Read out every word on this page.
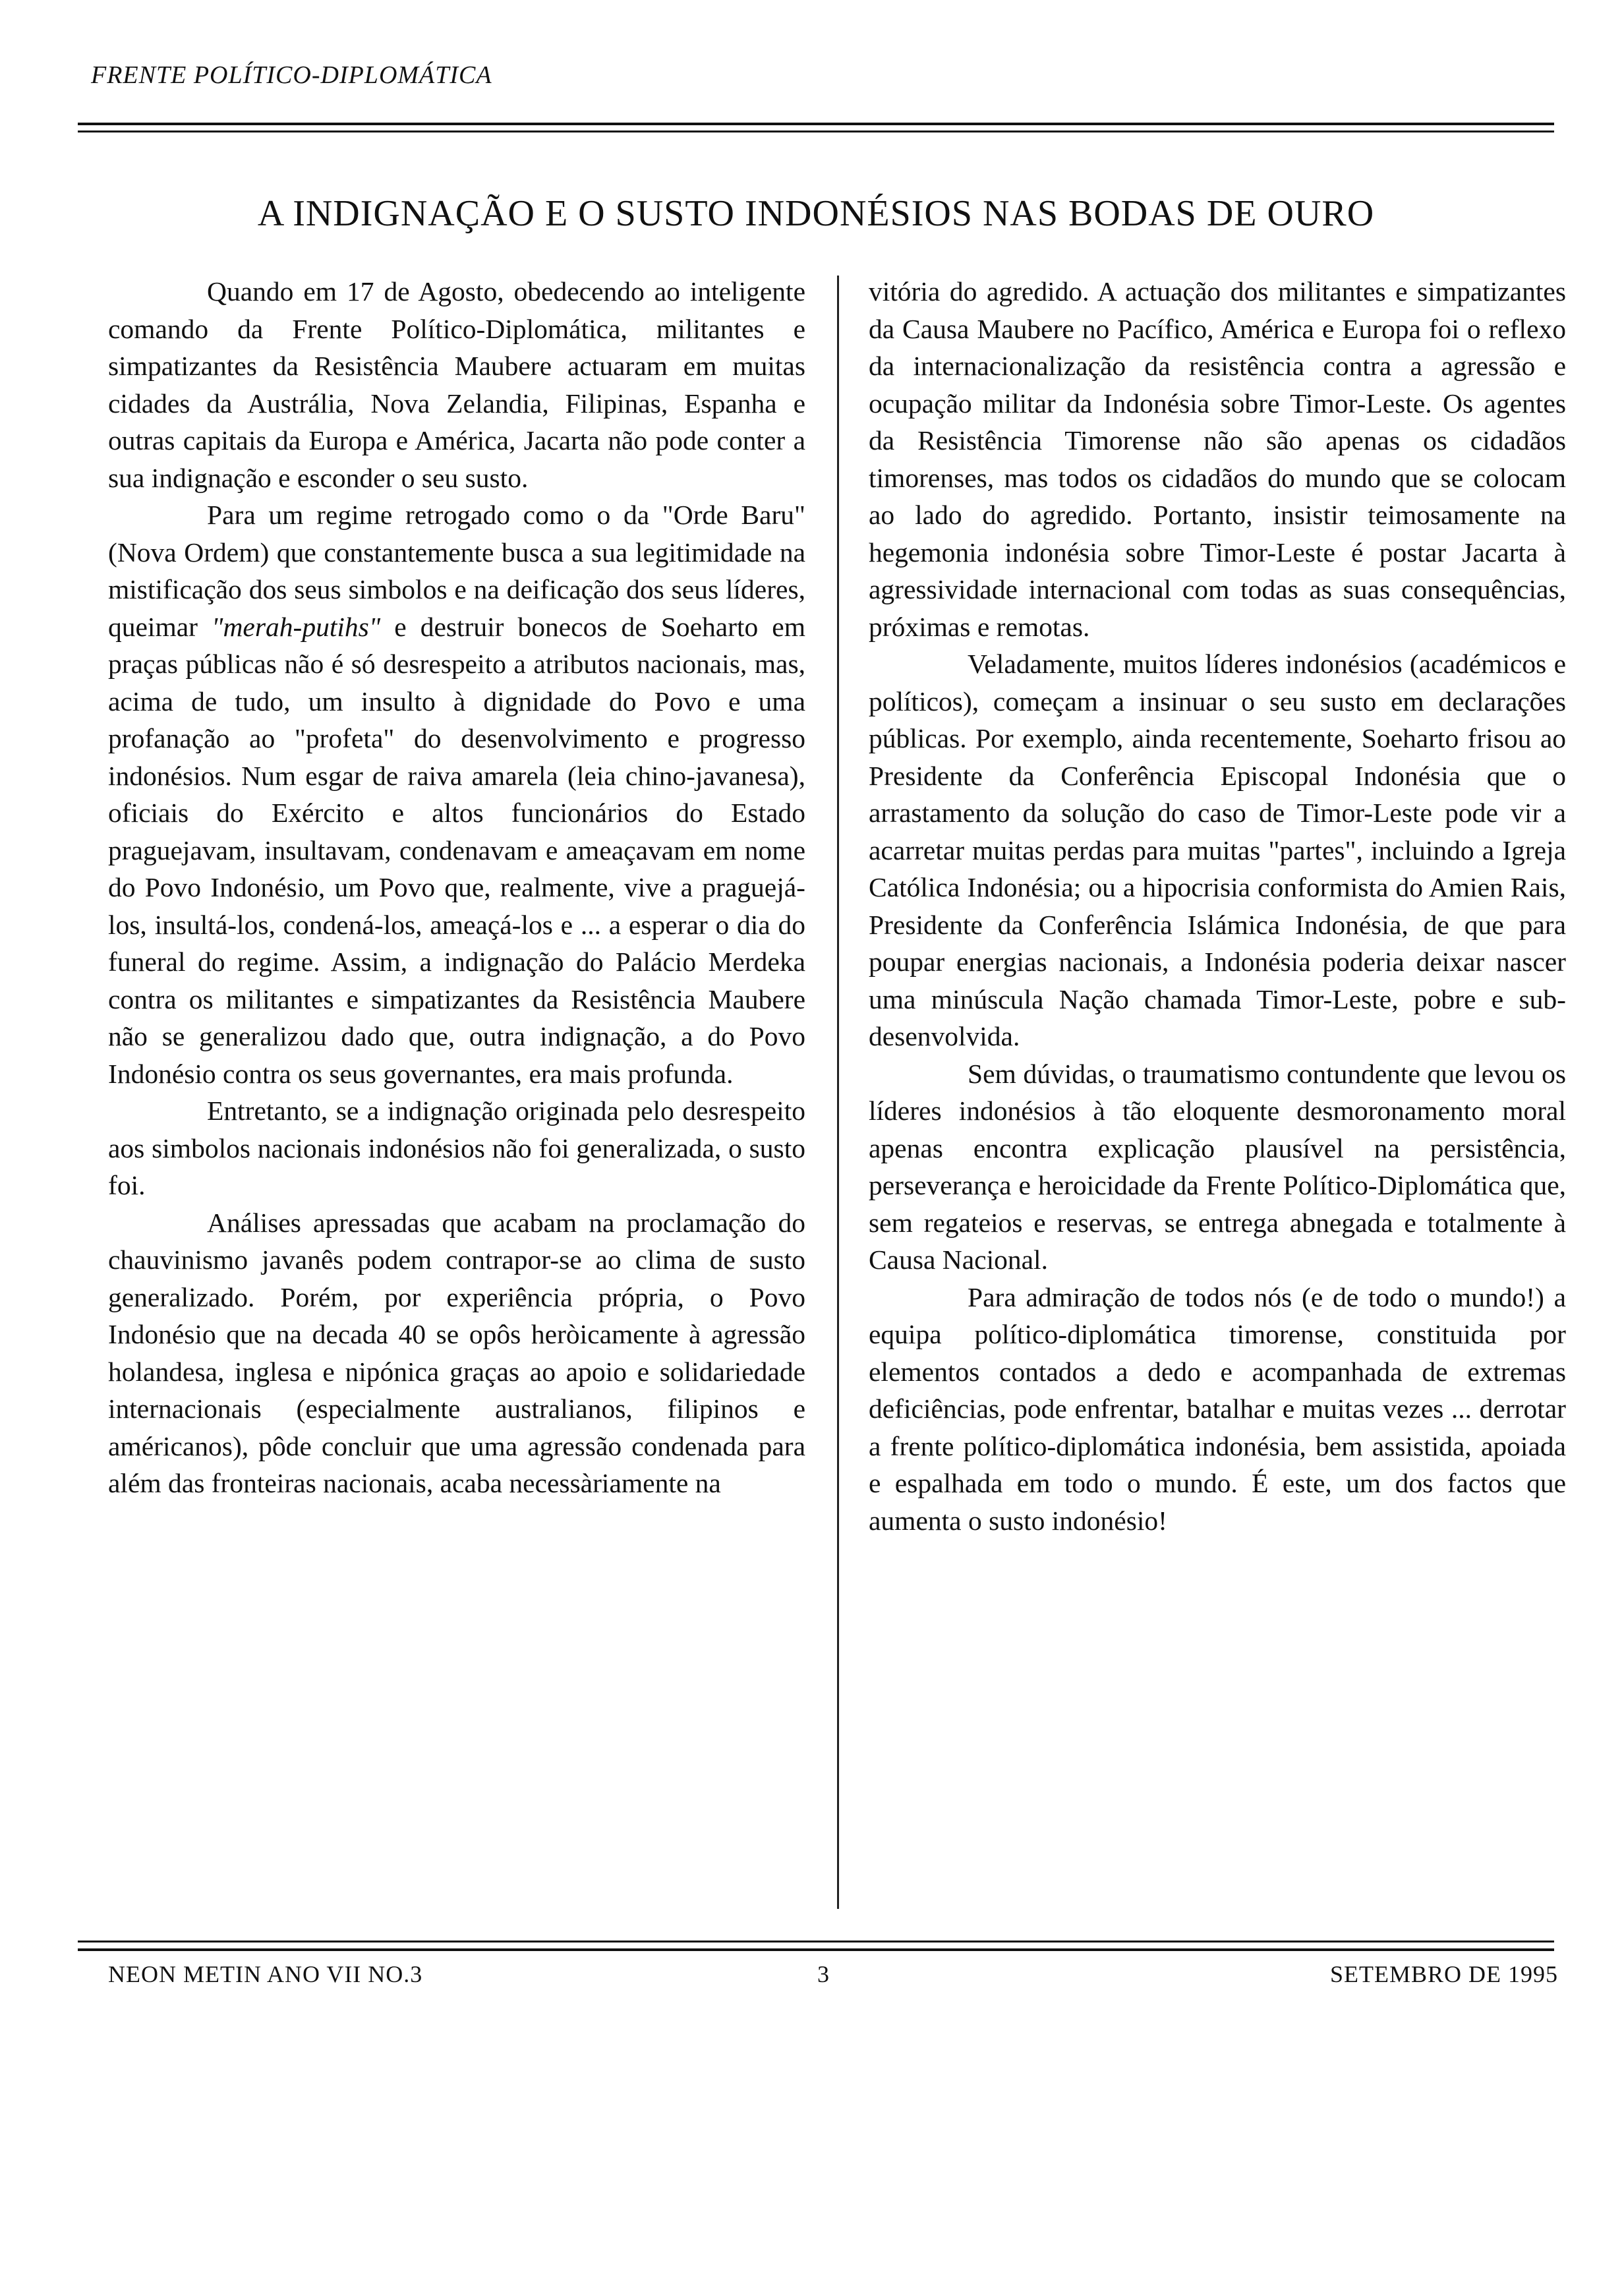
FRENTE POLÍTICO-DIPLOMÁTICA
A INDIGNAÇÃO E O SUSTO INDONÉSIOS NAS BODAS DE OURO

Quando em 17 de Agosto, obedecendo ao inteligente comando da Frente Político-Diplomática, militantes e simpatizantes da Resistência Maubere actuaram em muitas cidades da Austrália, Nova Zelandia, Filipinas, Espanha e outras capitais da Europa e América, Jacarta não pode conter a sua indignação e esconder o seu susto.

Para um regime retrogado como o da "Orde Baru" (Nova Ordem) que constantemente busca a sua legitimidade na mistificação dos seus simbolos e na deificação dos seus líderes, queimar "merah-putihs" e destruir bonecos de Soeharto em praças públicas não é só desrespeito a atributos nacionais, mas, acima de tudo, um insulto à dignidade do Povo e uma profanação ao "profeta" do desenvolvimento e progresso indonésios. Num esgar de raiva amarela (leia chino-javanesa), oficiais do Exército e altos funcionários do Estado praguejavam, insultavam, condenavam e ameaçavam em nome do Povo Indonésio, um Povo que, realmente, vive a praguejá-los, insultá-los, condená-los, ameaçá-los e ... a esperar o dia do funeral do regime. Assim, a indignação do Palácio Merdeka contra os militantes e simpatizantes da Resistência Maubere não se generalizou dado que, outra indignação, a do Povo Indonésio contra os seus governantes, era mais profunda.

Entretanto, se a indignação originada pelo desrespeito aos simbolos nacionais indonésios não foi generalizada, o susto foi.

Análises apressadas que acabam na proclamação do chauvinismo javanês podem contrapor-se ao clima de susto generalizado. Porém, por experiência própria, o Povo Indonésio que na decada 40 se opôs heròicamente à agressão holandesa, inglesa e nipónica graças ao apoio e solidariedade internacionais (especialmente australianos, filipinos e américanos), pôde concluir que uma agressão condenada para além das fronteiras nacionais, acaba necessàriamente na

vitória do agredido. A actuação dos militantes e simpatizantes da Causa Maubere no Pacífico, América e Europa foi o reflexo da internacionalização da resistência contra a agressão e ocupação militar da Indonésia sobre Timor-Leste. Os agentes da Resistência Timorense não são apenas os cidadãos timorenses, mas todos os cidadãos do mundo que se colocam ao lado do agredido. Portanto, insistir teimosamente na hegemonia indonésia sobre Timor-Leste é postar Jacarta à agressividade internacional com todas as suas consequências, próximas e remotas.

Veladamente, muitos líderes indonésios (académicos e políticos), começam a insinuar o seu susto em declarações públicas. Por exemplo, ainda recentemente, Soeharto frisou ao Presidente da Conferência Episcopal Indonésia que o arrastamento da solução do caso de Timor-Leste pode vir a acarretar muitas perdas para muitas "partes", incluindo a Igreja Católica Indonésia; ou a hipocrisia conformista do Amien Rais, Presidente da Conferência Islámica Indonésia, de que para poupar energias nacionais, a Indonésia poderia deixar nascer uma minúscula Nação chamada Timor-Leste, pobre e sub-desenvolvida.

Sem dúvidas, o traumatismo contundente que levou os líderes indonésios à tão eloquente desmoronamento moral apenas encontra explicação plausível na persistência, perseverança e heroicidade da Frente Político-Diplomática que, sem regateios e reservas, se entrega abnegada e totalmente à Causa Nacional.

Para admiração de todos nós (e de todo o mundo!) a equipa político-diplomática timorense, constituida por elementos contados a dedo e acompanhada de extremas deficiências, pode enfrentar, batalhar e muitas vezes ... derrotar a frente político-diplomática indonésia, bem assistida, apoiada e espalhada em todo o mundo. É este, um dos factos que aumenta o susto indonésio!

NEON METIN ANO VII NO.3	3	SETEMBRO DE 1995
